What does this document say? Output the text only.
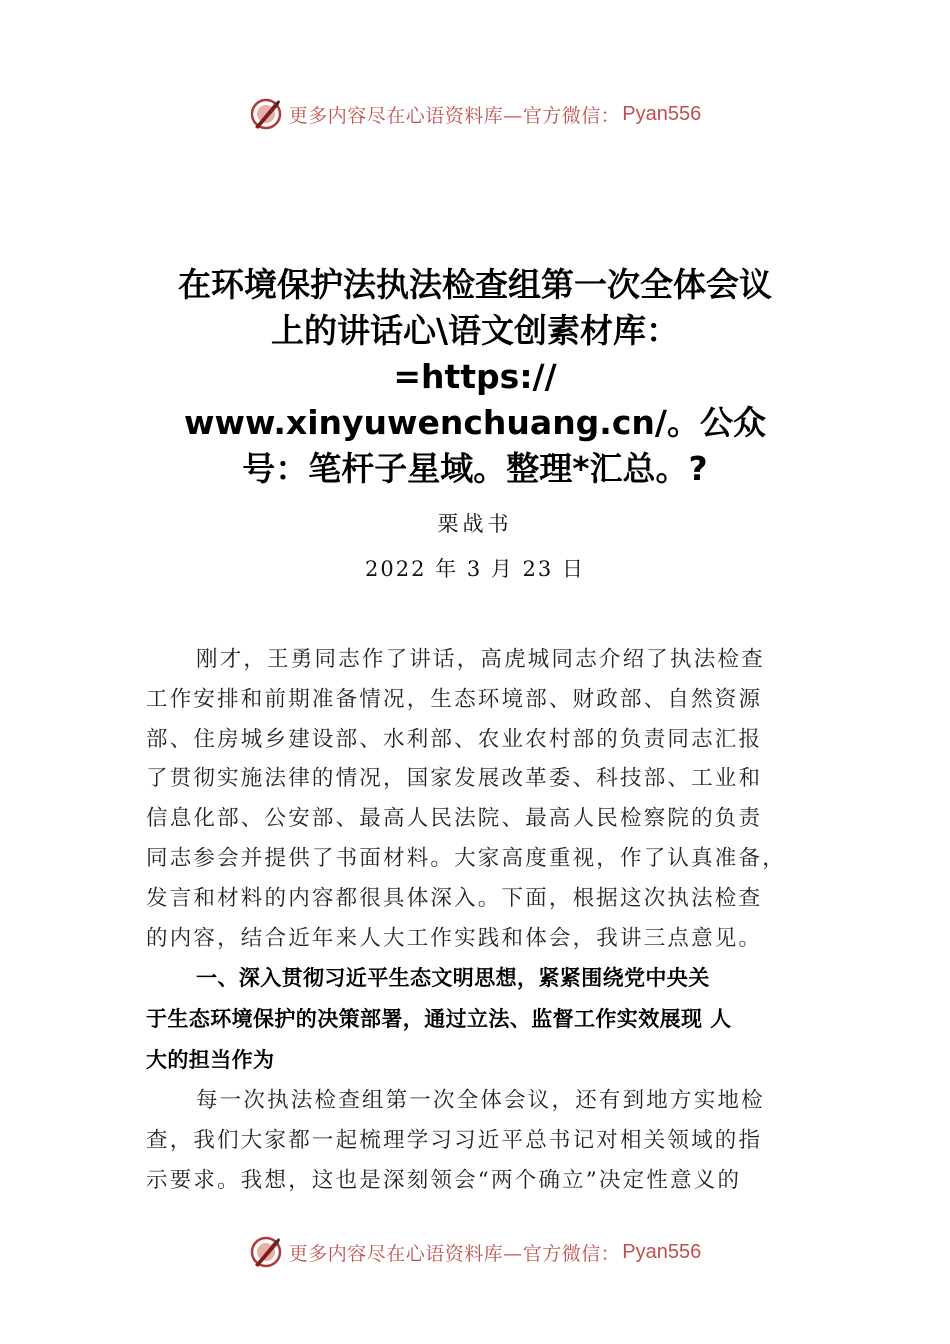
更多内容尽在心语资料库—官方微信： Pyan556
在环境保护法执法检查组第一次全体会议
上的讲话心\语文创素材库：
=https://
www.xinyuwenchuang.cn/。公众
号：笔杆子星域。整理*汇总。?
栗战书
2022 年 3 月 23 日
刚才，王勇同志作了讲话，高虎城同志介绍了执法检查
工作安排和前期准备情况，生态环境部、财政部、自然资源
部、住房城乡建设部、水利部、农业农村部的负责同志汇报
了贯彻实施法律的情况，国家发展改革委、科技部、工业和
信息化部、公安部、最高人民法院、最高人民检察院的负责
同志参会并提供了书面材料。大家高度重视，作了认真准备，
发言和材料的内容都很具体深入。下面，根据这次执法检查
的内容，结合近年来人大工作实践和体会，我讲三点意见。
一、深入贯彻习近平生态文明思想，紧紧围绕党中央关
于生态环境保护的决策部署，通过立法、监督工作实效展现 人
大的担当作为
每一次执法检查组第一次全体会议，还有到地方实地检
查，我们大家都一起梳理学习习近平总书记对相关领域的指
示要求。我想，这也是深刻领会“两个确立”决定性意义的
更多内容尽在心语资料库—官方微信： Pyan556
